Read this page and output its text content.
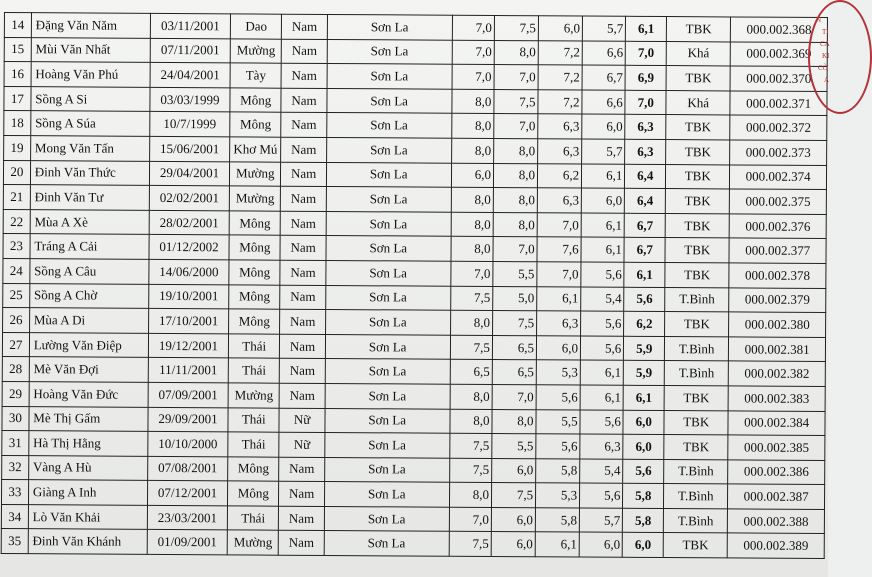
14	Đặng Văn Năm	03/11/2001	Dao	Nam	Sơn La	7,0	7,5	6,0	5,7	6,1	TBK	000.002.368
15	Mùi Văn Nhất	07/11/2001	Mường	Nam	Sơn La	7,0	8,0	7,2	6,6	7,0	Khá	000.002.369
16	Hoàng Văn Phú	24/04/2001	Tày	Nam	Sơn La	7,0	7,0	7,2	6,7	6,9	TBK	000.002.370
17	Sồng A Si	03/03/1999	Mông	Nam	Sơn La	8,0	7,5	7,2	6,6	7,0	Khá	000.002.371
18	Sồng A Súa	10/7/1999	Mông	Nam	Sơn La	8,0	7,0	6,3	6,0	6,3	TBK	000.002.372
19	Mong Văn Tấn	15/06/2001	Khơ Mú	Nam	Sơn La	8,0	8,0	6,3	5,7	6,3	TBK	000.002.373
20	Đinh Văn Thức	29/04/2001	Mường	Nam	Sơn La	6,0	8,0	6,2	6,1	6,4	TBK	000.002.374
21	Đinh Văn Tư	02/02/2001	Mường	Nam	Sơn La	8,0	8,0	6,3	6,0	6,4	TBK	000.002.375
22	Mùa A Xè	28/02/2001	Mông	Nam	Sơn La	8,0	8,0	7,0	6,1	6,7	TBK	000.002.376
23	Tráng A Cải	01/12/2002	Mông	Nam	Sơn La	8,0	7,0	7,6	6,1	6,7	TBK	000.002.377
24	Sồng A Câu	14/06/2000	Mông	Nam	Sơn La	7,0	5,5	7,0	5,6	6,1	TBK	000.002.378
25	Sồng A Chờ	19/10/2001	Mông	Nam	Sơn La	7,5	5,0	6,1	5,4	5,6	T.Bình	000.002.379
26	Mùa A Di	17/10/2001	Mông	Nam	Sơn La	8,0	7,5	6,3	5,6	6,2	TBK	000.002.380
27	Lường Văn Điệp	19/12/2001	Thái	Nam	Sơn La	7,5	6,5	6,0	5,6	5,9	T.Bình	000.002.381
28	Mè Văn Đợi	11/11/2001	Thái	Nam	Sơn La	6,5	6,5	5,3	6,1	5,9	T.Bình	000.002.382
29	Hoàng Văn Đức	07/09/2001	Mường	Nam	Sơn La	8,0	7,0	5,6	6,1	6,1	TBK	000.002.383
30	Mè Thị Gấm	29/09/2001	Thái	Nữ	Sơn La	8,0	8,0	5,5	5,6	6,0	TBK	000.002.384
31	Hà Thị Hằng	10/10/2000	Thái	Nữ	Sơn La	7,5	5,5	5,6	6,3	6,0	TBK	000.002.385
32	Vàng A Hù	07/08/2001	Mông	Nam	Sơn La	7,5	6,0	5,8	5,4	5,6	T.Bình	000.002.386
33	Giàng A Inh	07/12/2001	Mông	Nam	Sơn La	8,0	7,5	5,3	5,6	5,8	T.Bình	000.002.387
34	Lò Văn Khải	23/03/2001	Thái	Nam	Sơn La	7,0	6,0	5,8	5,7	5,8	T.Bình	000.002.388
35	Đinh Văn Khánh	01/09/2001	Mường	Nam	Sơn La	7,5	6,0	6,1	6,0	6,0	TBK	000.002.389
N
TI
CA
KI
CỜ
A
